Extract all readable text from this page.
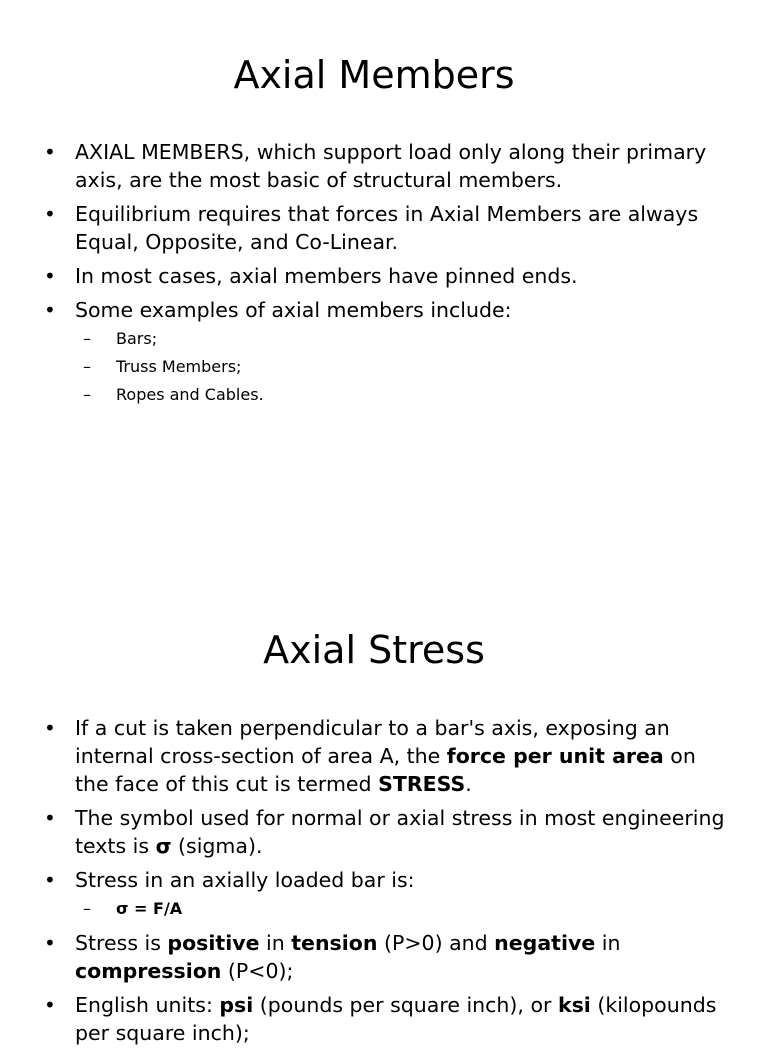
Axial Members
• AXIAL MEMBERS, which support load only along their primary axis, are the most basic of structural members.
• Equilibrium requires that forces in Axial Members are always Equal, Opposite, and Co-Linear.
• In most cases, axial members have pinned ends.
• Some examples of axial members include:
– Bars;
– Truss Members;
– Ropes and Cables.
Axial Stress
• If a cut is taken perpendicular to a bar's axis, exposing an internal cross-section of area A, the force per unit area on the face of this cut is termed STRESS.
• The symbol used for normal or axial stress in most engineering texts is σ (sigma).
• Stress in an axially loaded bar is:
– σ = F/A
• Stress is positive in tension (P>0) and negative in compression (P<0);
• English units: psi (pounds per square inch), or ksi (kilopounds per square inch);
